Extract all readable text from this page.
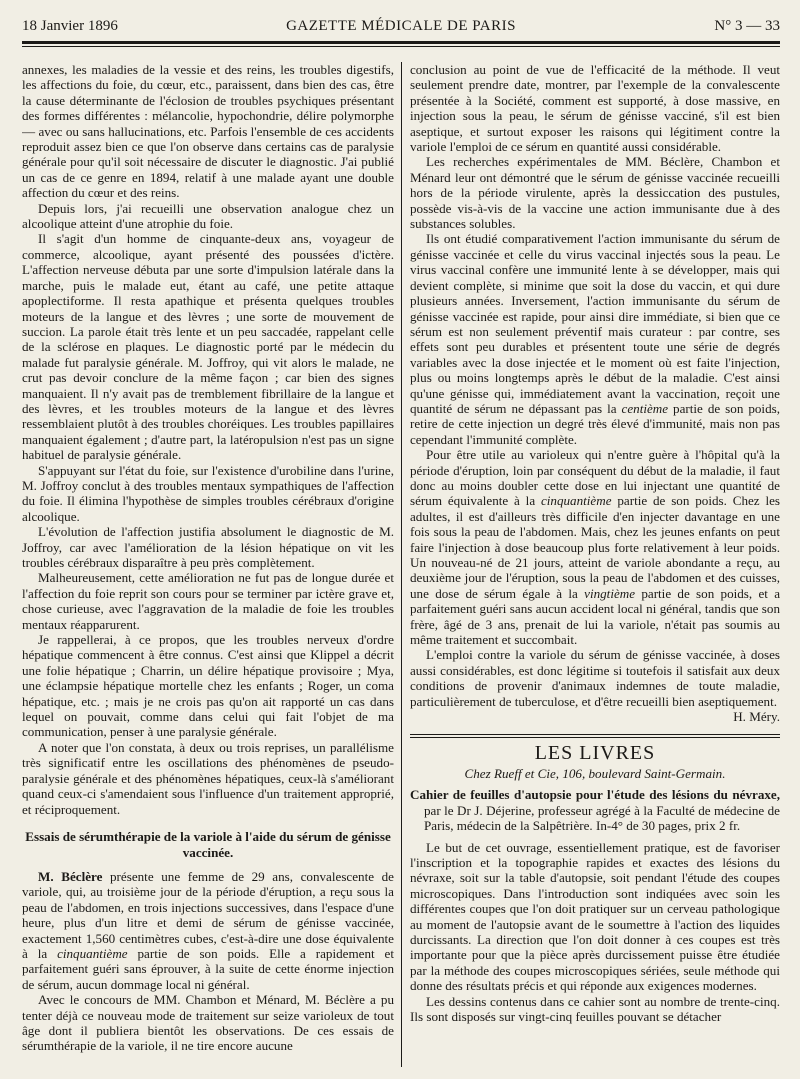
18 Janvier 1896	GAZETTE MÉDICALE DE PARIS	N° 3 — 33

annexes, les maladies de la vessie et des reins, les troubles digestifs, les affections du foie, du cœur, etc., paraissent, dans bien des cas, être la cause déterminante de l'éclosion de troubles psychiques présentant des formes différentes : mélancolie, hypochondrie, délire polymorphe — avec ou sans hallucinations, etc. Parfois l'ensemble de ces accidents reproduit assez bien ce que l'on observe dans certains cas de paralysie générale pour qu'il soit nécessaire de discuter le diagnostic. J'ai publié un cas de ce genre en 1894, relatif à une malade ayant une double affection du cœur et des reins.

Depuis lors, j'ai recueilli une observation analogue chez un alcoolique atteint d'une atrophie du foie.

Il s'agit d'un homme de cinquante-deux ans, voyageur de commerce, alcoolique, ayant présenté des poussées d'ictère. L'affection nerveuse débuta par une sorte d'impulsion latérale dans la marche, puis le malade eut, étant au café, une petite attaque apoplectiforme. Il resta apathique et présenta quelques troubles moteurs de la langue et des lèvres ; une sorte de mouvement de succion. La parole était très lente et un peu saccadée, rappelant celle de la sclérose en plaques. Le diagnostic porté par le médecin du malade fut paralysie générale. M. Joffroy, qui vit alors le malade, ne crut pas devoir conclure de la même façon ; car bien des signes manquaient. Il n'y avait pas de tremblement fibrillaire de la langue et des lèvres, et les troubles moteurs de la langue et des lèvres ressemblaient plutôt à des troubles choréiques. Les troubles papillaires manquaient également ; d'autre part, la latéropulsion n'est pas un signe habituel de paralysie générale.

S'appuyant sur l'état du foie, sur l'existence d'urobiline dans l'urine, M. Joffroy conclut à des troubles mentaux sympathiques de l'affection du foie. Il élimina l'hypothèse de simples troubles cérébraux d'origine alcoolique.

L'évolution de l'affection justifia absolument le diagnostic de M. Joffroy, car avec l'amélioration de la lésion hépatique on vit les troubles cérébraux disparaître à peu près complètement.

Malheureusement, cette amélioration ne fut pas de longue durée et l'affection du foie reprit son cours pour se terminer par ictère grave et, chose curieuse, avec l'aggravation de la maladie de foie les troubles mentaux réapparurent.

Je rappellerai, à ce propos, que les troubles nerveux d'ordre hépatique commencent à être connus. C'est ainsi que Klippel a décrit une folie hépatique ; Charrin, un délire hépatique provisoire ; Mya, une éclampsie hépatique mortelle chez les enfants ; Roger, un coma hépatique, etc. ; mais je ne crois pas qu'on ait rapporté un cas dans lequel on pouvait, comme dans celui qui fait l'objet de ma communication, penser à une paralysie générale.

A noter que l'on constata, à deux ou trois reprises, un parallélisme très significatif entre les oscillations des phénomènes de pseudo-paralysie générale et des phénomènes hépatiques, ceux-là s'améliorant quand ceux-ci s'amendaient sous l'influence d'un traitement approprié, et réciproquement.

Essais de sérumthérapie de la variole à l'aide du sérum de génisse vaccinée.

M. Béclère présente une femme de 29 ans, convalescente de variole, qui, au troisième jour de la période d'éruption, a reçu sous la peau de l'abdomen, en trois injections successives, dans l'espace d'une heure, plus d'un litre et demi de sérum de génisse vaccinée, exactement 1,560 centimètres cubes, c'est-à-dire une dose équivalente à la cinquantième partie de son poids. Elle a rapidement et parfaitement guéri sans éprouver, à la suite de cette énorme injection de sérum, aucun dommage local ni général.

Avec le concours de MM. Chambon et Ménard, M. Béclère a pu tenter déjà ce nouveau mode de traitement sur seize varioleux de tout âge dont il publiera bientôt les observations. De ces essais de sérumthérapie de la variole, il ne tire encore aucune

conclusion au point de vue de l'efficacité de la méthode. Il veut seulement prendre date, montrer, par l'exemple de la convalescente présentée à la Société, comment est supporté, à dose massive, en injection sous la peau, le sérum de génisse vacciné, s'il est bien aseptique, et surtout exposer les raisons qui légitiment contre la variole l'emploi de ce sérum en quantité aussi considérable.

Les recherches expérimentales de MM. Béclère, Chambon et Ménard leur ont démontré que le sérum de génisse vaccinée recueilli hors de la période virulente, après la dessiccation des pustules, possède vis-à-vis de la vaccine une action immunisante due à des substances solubles.

Ils ont étudié comparativement l'action immunisante du sérum de génisse vaccinée et celle du virus vaccinal injectés sous la peau. Le virus vaccinal confère une immunité lente à se développer, mais qui devient complète, si minime que soit la dose du vaccin, et qui dure plusieurs années. Inversement, l'action immunisante du sérum de génisse vaccinée est rapide, pour ainsi dire immédiate, si bien que ce sérum est non seulement préventif mais curateur : par contre, ses effets sont peu durables et présentent toute une série de degrés variables avec la dose injectée et le moment où est faite l'injection, plus ou moins longtemps après le début de la maladie. C'est ainsi qu'une génisse qui, immédiatement avant la vaccination, reçoit une quantité de sérum ne dépassant pas la centième partie de son poids, retire de cette injection un degré très élevé d'immunité, mais non pas cependant l'immunité complète.

Pour être utile au varioleux qui n'entre guère à l'hôpital qu'à la période d'éruption, loin par conséquent du début de la maladie, il faut donc au moins doubler cette dose en lui injectant une quantité de sérum équivalente à la cinquantième partie de son poids. Chez les adultes, il est d'ailleurs très difficile d'en injecter davantage en une fois sous la peau de l'abdomen. Mais, chez les jeunes enfants on peut faire l'injection à dose beaucoup plus forte relativement à leur poids. Un nouveau-né de 21 jours, atteint de variole abondante a reçu, au deuxième jour de l'éruption, sous la peau de l'abdomen et des cuisses, une dose de sérum égale à la vingtième partie de son poids, et a parfaitement guéri sans aucun accident local ni général, tandis que son frère, âgé de 3 ans, prenait de lui la variole, n'était pas soumis au même traitement et succombait.

L'emploi contre la variole du sérum de génisse vaccinée, à doses aussi considérables, est donc légitime si toutefois il satisfait aux deux conditions de provenir d'animaux indemnes de toute maladie, particulièrement de tuberculose, et d'être recueilli bien aseptiquement.

H. Méry.

LES LIVRES

Chez Rueff et Cie, 106, boulevard Saint-Germain.

Cahier de feuilles d'autopsie pour l'étude des lésions du névraxe, par le Dr J. Déjerine, professeur agrégé à la Faculté de médecine de Paris, médecin de la Salpêtrière. In-4° de 30 pages, prix 2 fr.

Le but de cet ouvrage, essentiellement pratique, est de favoriser l'inscription et la topographie rapides et exactes des lésions du névraxe, soit sur la table d'autopsie, soit pendant l'étude des coupes microscopiques. Dans l'introduction sont indiquées avec soin les différentes coupes que l'on doit pratiquer sur un cerveau pathologique au moment de l'autopsie avant de le soumettre à l'action des liquides durcissants. La direction que l'on doit donner à ces coupes est très importante pour que la pièce après durcissement puisse être étudiée par la méthode des coupes microscopiques sériées, seule méthode qui donne des résultats précis et qui réponde aux exigences modernes.

Les dessins contenus dans ce cahier sont au nombre de trente-cinq. Ils sont disposés sur vingt-cinq feuilles pouvant se détacher
